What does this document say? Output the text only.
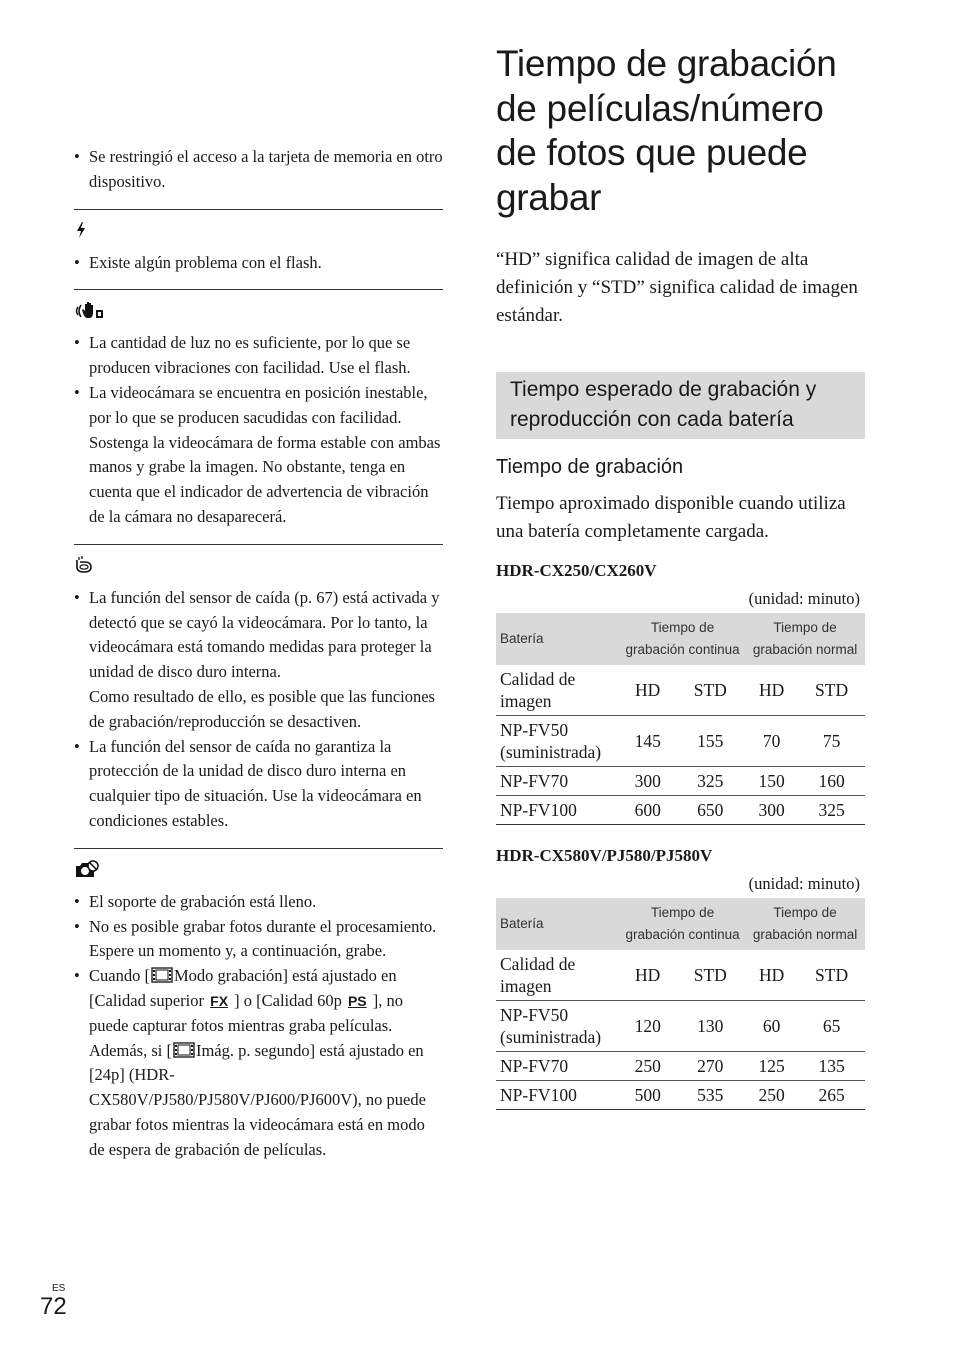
• Se restringió el acceso a la tarjeta de memoria en otro dispositivo.
• Existe algún problema con el flash.
• La cantidad de luz no es suficiente, por lo que se producen vibraciones con facilidad. Use el flash.
• La videocámara se encuentra en posición inestable, por lo que se producen sacudidas con facilidad. Sostenga la videocámara de forma estable con ambas manos y grabe la imagen. No obstante, tenga en cuenta que el indicador de advertencia de vibración de la cámara no desaparecerá.
• La función del sensor de caída (p. 67) está activada y detectó que se cayó la videocámara. Por lo tanto, la videocámara está tomando medidas para proteger la unidad de disco duro interna.
Como resultado de ello, es posible que las funciones de grabación/reproducción se desactiven.
• La función del sensor de caída no garantiza la protección de la unidad de disco duro interna en cualquier tipo de situación. Use la videocámara en condiciones estables.
• El soporte de grabación está lleno.
• No es posible grabar fotos durante el procesamiento. Espere un momento y, a continuación, grabe.
• Cuando [ Modo grabación] está ajustado en [Calidad superior FX ] o [Calidad 60p PS ], no puede capturar fotos mientras graba películas. Además, si [ Imág. p. segundo] está ajustado en [24p] (HDR-CX580V/PJ580/PJ580V/PJ600/PJ600V), no puede grabar fotos mientras la videocámara está en modo de espera de grabación de películas.
Tiempo de grabación de películas/número de fotos que puede grabar

“HD” significa calidad de imagen de alta definición y “STD” significa calidad de imagen estándar.

Tiempo esperado de grabación y reproducción con cada batería
Tiempo de grabación

Tiempo aproximado disponible cuando utiliza una batería completamente cargada.

HDR-CX250/CX260V
(unidad: minuto)
Batería	Tiempo de grabación continua		Tiempo de grabación normal	
Calidad de imagen	HD	STD	HD	STD
NP-FV50 (suministrada)	145	155	70	75
NP-FV70	300	325	150	160
NP-FV100	600	650	300	325
HDR-CX580V/PJ580/PJ580V
(unidad: minuto)
Batería	Tiempo de grabación continua		Tiempo de grabación normal	
Calidad de imagen	HD	STD	HD	STD
NP-FV50 (suministrada)	120	130	60	65
NP-FV70	250	270	125	135
NP-FV100	500	535	250	265
ES
72
